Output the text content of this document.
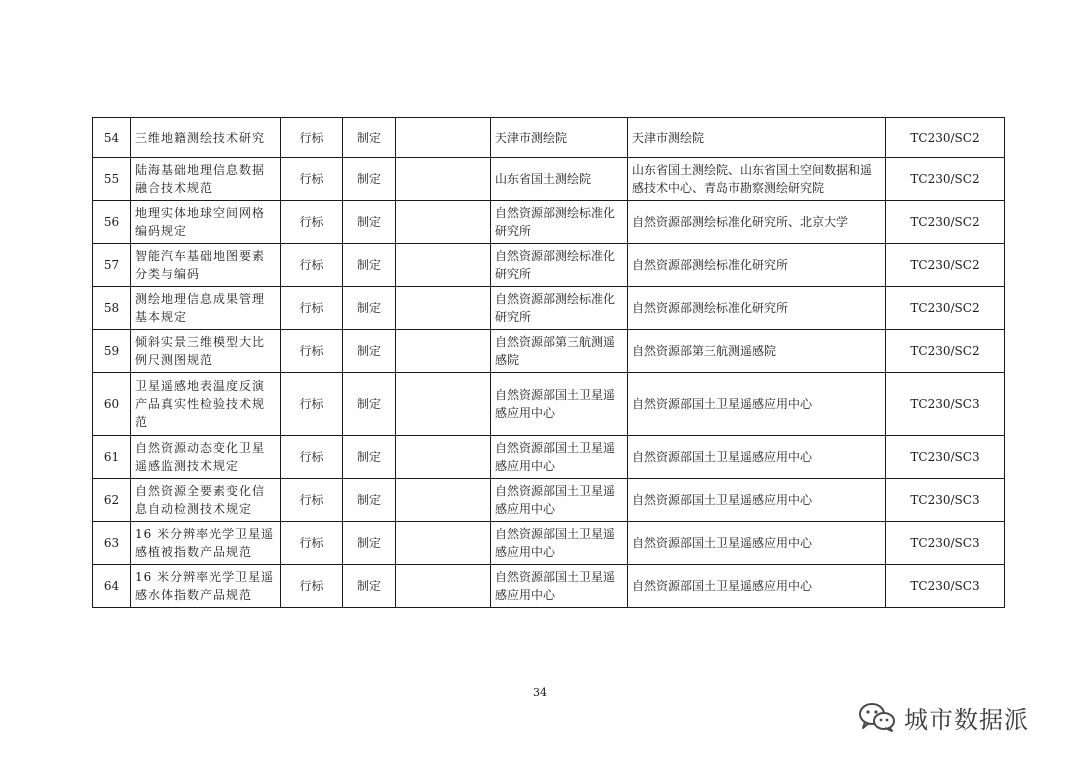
54	三维地籍测绘技术研究	行标	制定		天津市测绘院	天津市测绘院	TC230/SC2
55	陆海基础地理信息数据融合技术规范	行标	制定		山东省国土测绘院	山东省国土测绘院、山东省国土空间数据和遥感技术中心、青岛市勘察测绘研究院	TC230/SC2
56	地理实体地球空间网格编码规定	行标	制定		自然资源部测绘标准化研究所	自然资源部测绘标准化研究所、北京大学	TC230/SC2
57	智能汽车基础地图要素分类与编码	行标	制定		自然资源部测绘标准化研究所	自然资源部测绘标准化研究所	TC230/SC2
58	测绘地理信息成果管理基本规定	行标	制定		自然资源部测绘标准化研究所	自然资源部测绘标准化研究所	TC230/SC2
59	倾斜实景三维模型大比例尺测图规范	行标	制定		自然资源部第三航测遥感院	自然资源部第三航测遥感院	TC230/SC2
60	卫星遥感地表温度反演产品真实性检验技术规范	行标	制定		自然资源部国土卫星遥感应用中心	自然资源部国土卫星遥感应用中心	TC230/SC3
61	自然资源动态变化卫星遥感监测技术规定	行标	制定		自然资源部国土卫星遥感应用中心	自然资源部国土卫星遥感应用中心	TC230/SC3
62	自然资源全要素变化信息自动检测技术规定	行标	制定		自然资源部国土卫星遥感应用中心	自然资源部国土卫星遥感应用中心	TC230/SC3
63	16 米分辨率光学卫星遥感植被指数产品规范	行标	制定		自然资源部国土卫星遥感应用中心	自然资源部国土卫星遥感应用中心	TC230/SC3
64	16 米分辨率光学卫星遥感水体指数产品规范	行标	制定		自然资源部国土卫星遥感应用中心	自然资源部国土卫星遥感应用中心	TC230/SC3
34
城市数据派
